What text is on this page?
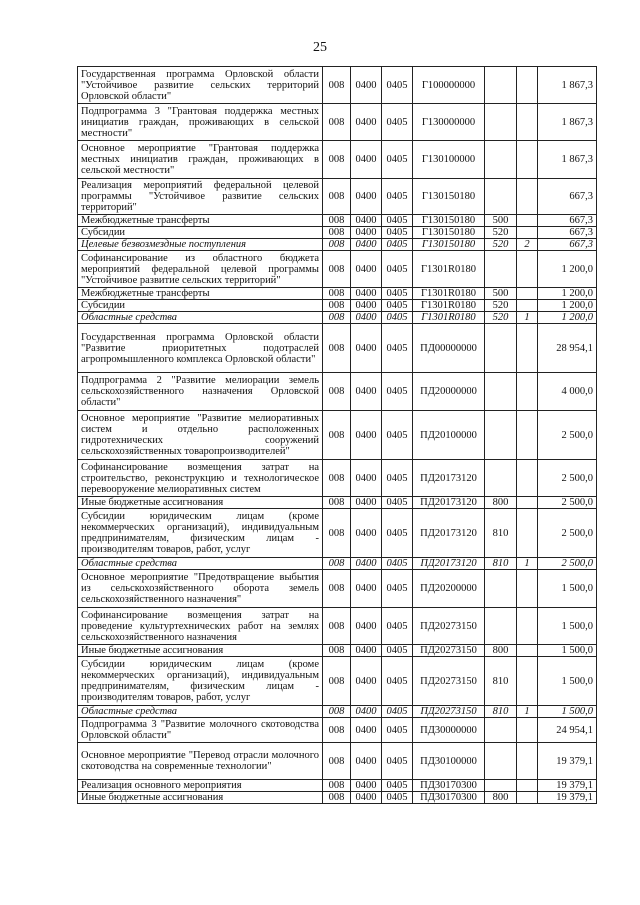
25
Государственная программа Орловской области "Устойчивое развитие сельских территорий Орловской области"	008	0400	0405	Г100000000			1 867,3
Подпрограмма 3 "Грантовая поддержка местных инициатив граждан, проживающих в сельской местности"	008	0400	0405	Г130000000			1 867,3
Основное мероприятие "Грантовая поддержка местных инициатив граждан, проживающих в сельской местности"	008	0400	0405	Г130100000			1 867,3
Реализация мероприятий федеральной целевой программы "Устойчивое развитие сельских территорий"	008	0400	0405	Г130150180			667,3
Межбюджетные трансферты	008	0400	0405	Г130150180	500		667,3
Субсидии	008	0400	0405	Г130150180	520		667,3
Целевые безвозмездные поступления	008	0400	0405	Г130150180	520	2	667,3
Софинансирование из областного бюджета мероприятий федеральной целевой программы "Устойчивое развитие сельских территорий"	008	0400	0405	Г1301R0180			1 200,0
Межбюджетные трансферты	008	0400	0405	Г1301R0180	500		1 200,0
Субсидии	008	0400	0405	Г1301R0180	520		1 200,0
Областные средства	008	0400	0405	Г1301R0180	520	1	1 200,0
Государственная программа Орловской области "Развитие приоритетных подотраслей агропромышленного комплекса Орловской области"	008	0400	0405	ПД00000000			28 954,1
Подпрограмма 2 "Развитие мелиорации земель сельскохозяйственного назначения Орловской области"	008	0400	0405	ПД20000000			4 000,0
Основное мероприятие "Развитие мелиоративных систем и отдельно расположенных гидротехнических сооружений сельскохозяйственных товаропроизводителей"	008	0400	0405	ПД20100000			2 500,0
Софинансирование возмещения затрат на строительство, реконструкцию и технологическое перевооружение мелиоративных систем	008	0400	0405	ПД20173120			2 500,0
Иные бюджетные ассигнования	008	0400	0405	ПД20173120	800		2 500,0
Субсидии юридическим лицам (кроме некоммерческих организаций), индивидуальным предпринимателям, физическим лицам - производителям товаров, работ, услуг	008	0400	0405	ПД20173120	810		2 500,0
Областные средства	008	0400	0405	ПД20173120	810	1	2 500,0
Основное мероприятие "Предотвращение выбытия из сельскохозяйственного оборота земель сельскохозяйственного назначения"	008	0400	0405	ПД20200000			1 500,0
Софинансирование возмещения затрат на проведение культуртехнических работ на землях сельскохозяйственного назначения	008	0400	0405	ПД20273150			1 500,0
Иные бюджетные ассигнования	008	0400	0405	ПД20273150	800		1 500,0
Субсидии юридическим лицам (кроме некоммерческих организаций), индивидуальным предпринимателям, физическим лицам - производителям товаров, работ, услуг	008	0400	0405	ПД20273150	810		1 500,0
Областные средства	008	0400	0405	ПД20273150	810	1	1 500,0
Подпрограмма 3 "Развитие молочного скотоводства Орловской области"	008	0400	0405	ПД30000000			24 954,1
Основное мероприятие "Перевод отрасли молочного скотоводства на современные технологии"	008	0400	0405	ПД30100000			19 379,1
Реализация основного мероприятия	008	0400	0405	ПД30170300			19 379,1
Иные бюджетные ассигнования	008	0400	0405	ПД30170300	800		19 379,1
